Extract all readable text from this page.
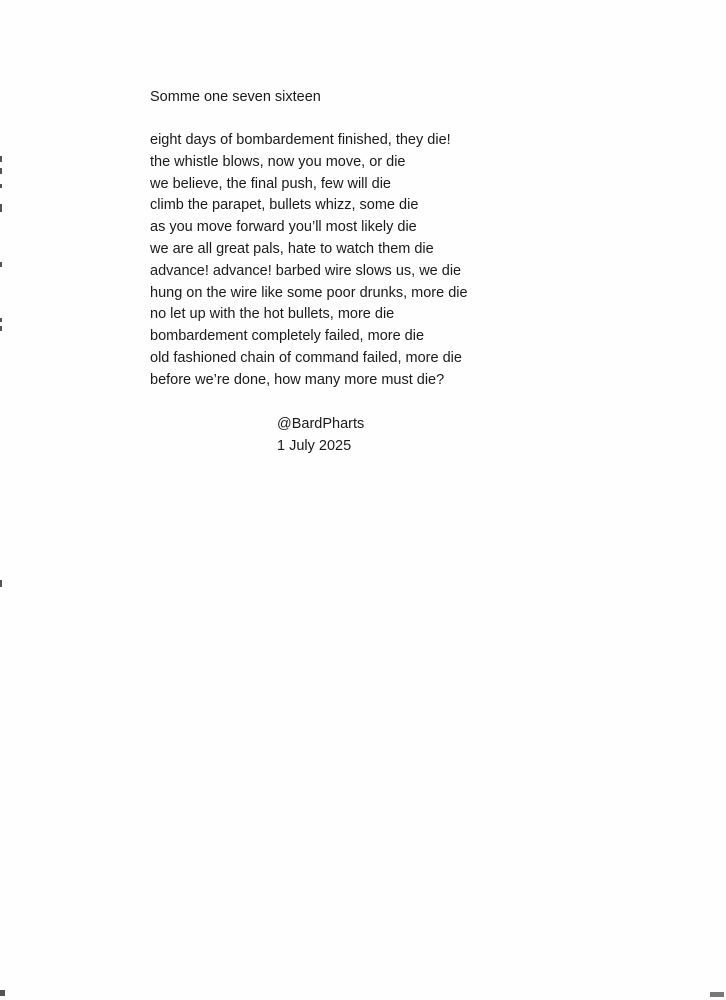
Somme one seven sixteen
eight days of bombardement finished, they die!
the whistle blows, now you move, or die
we believe, the final push, few will die
climb the parapet, bullets whizz, some die
as you move forward you’ll most likely die
we are all great pals, hate to watch them die
advance! advance! barbed wire slows us, we die
hung on the wire like some poor drunks, more die
no let up with the hot bullets, more die
bombardement completely failed, more die
old fashioned chain of command failed, more die
before we’re done, how many more must die?
@BardPharts
1 July 2025
